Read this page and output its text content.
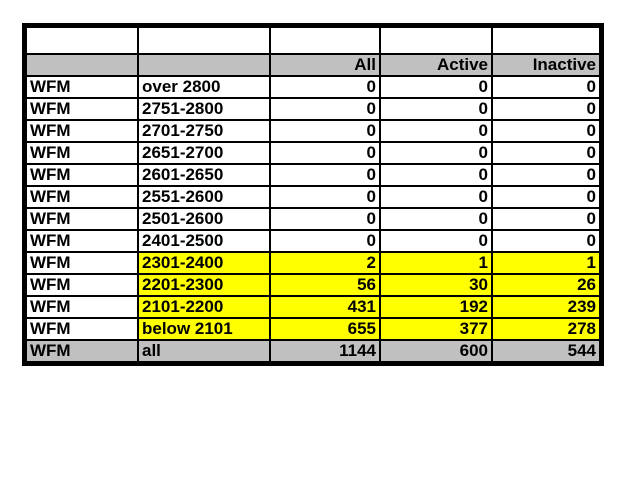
		All	Active	Inactive
WFM	over 2800	0	0	0
WFM	2751-2800	0	0	0
WFM	2701-2750	0	0	0
WFM	2651-2700	0	0	0
WFM	2601-2650	0	0	0
WFM	2551-2600	0	0	0
WFM	2501-2600	0	0	0
WFM	2401-2500	0	0	0
WFM	2301-2400	2	1	1
WFM	2201-2300	56	30	26
WFM	2101-2200	431	192	239
WFM	below 2101	655	377	278
WFM	all	1144	600	544
